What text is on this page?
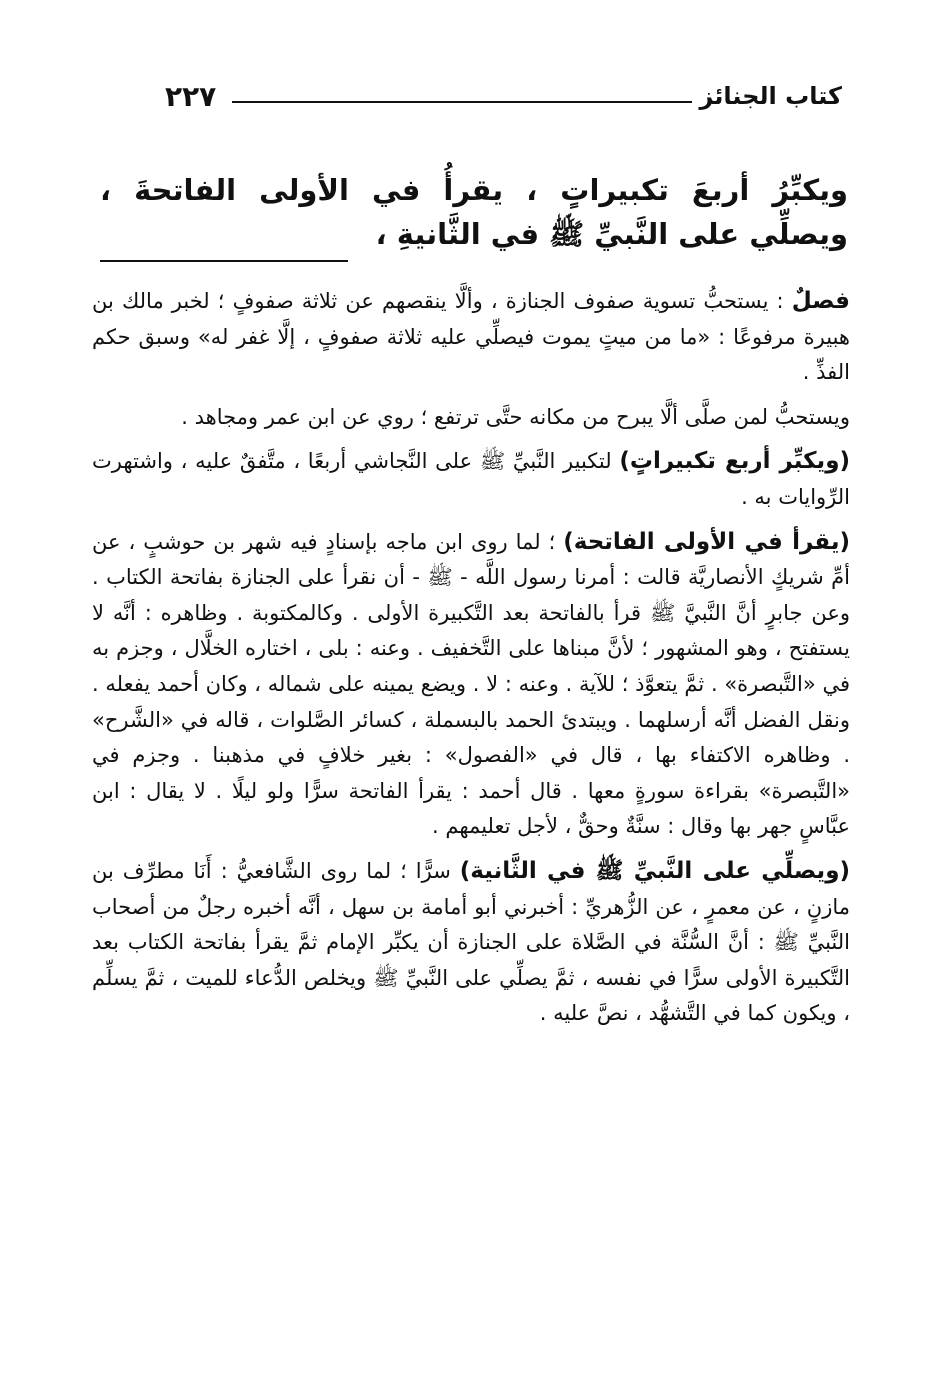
٢٢٧	كتاب الجنائز
ويكبِّرُ أربعَ تكبيراتٍ ، يقرأُ في الأولى الفاتحةَ ، ويصلِّي على النَّبيِّ ﷺ في الثَّانيةِ ،

فصلٌ : يستحبُّ تسوية صفوف الجنازة ، وألَّا ينقصهم عن ثلاثة صفوفٍ ؛ لخبر مالك بن هبيرة مرفوعًا : «ما من ميتٍ يموت فيصلِّي عليه ثلاثة صفوفٍ ، إلَّا غفر له» وسبق حكم الفذِّ .

ويستحبُّ لمن صلَّى ألَّا يبرح من مكانه حتَّى ترتفع ؛ روي عن ابن عمر ومجاهد .

(ويكبِّر أربع تكبيراتٍ) لتكبير النَّبيِّ ﷺ على النَّجاشي أربعًا ، متَّفقٌ عليه ، واشتهرت الرِّوايات به .

(يقرأ في الأولى الفاتحة) ؛ لما روى ابن ماجه بإسنادٍ فيه شهر بن حوشبٍ ، عن أمِّ شريكٍ الأنصاريَّة قالت : أمرنا رسول اللَّه - ﷺ - أن نقرأ على الجنازة بفاتحة الكتاب . وعن جابرٍ أنَّ النَّبيَّ ﷺ قرأ بالفاتحة بعد التَّكبيرة الأولى . وكالمكتوبة . وظاهره : أنَّه لا يستفتح ، وهو المشهور ؛ لأنَّ مبناها على التَّخفيف . وعنه : بلى ، اختاره الخلَّال ، وجزم به في «التَّبصرة» . ثمَّ يتعوَّذ ؛ للآية . وعنه : لا . ويضع يمينه على شماله ، وكان أحمد يفعله . ونقل الفضل أنَّه أرسلهما . ويبتدئ الحمد بالبسملة ، كسائر الصَّلوات ، قاله في «الشَّرح» . وظاهره الاكتفاء بها ، قال في «الفصول» : بغير خلافٍ في مذهبنا . وجزم في «التَّبصرة» بقراءة سورةٍ معها . قال أحمد : يقرأ الفاتحة سرًّا ولو ليلًا . لا يقال : ابن عبَّاسٍ جهر بها وقال : سنَّةٌ وحقٌّ ، لأجل تعليمهم .

(ويصلِّي على النَّبيِّ ﷺ في الثَّانية) سرًّا ؛ لما روى الشَّافعيُّ : أَنَا مطرِّف بن مازنٍ ، عن معمرٍ ، عن الزُّهريِّ : أخبرني أبو أمامة بن سهل ، أنَّه أخبره رجلٌ من أصحاب النَّبيِّ ﷺ : أنَّ السُّنَّة في الصَّلاة على الجنازة أن يكبِّر الإمام ثمَّ يقرأ بفاتحة الكتاب بعد التَّكبيرة الأولى سرًّا في نفسه ، ثمَّ يصلِّي على النَّبيِّ ﷺ ويخلص الدُّعاء للميت ، ثمَّ يسلِّم ، ويكون كما في التَّشهُّد ، نصَّ عليه .
